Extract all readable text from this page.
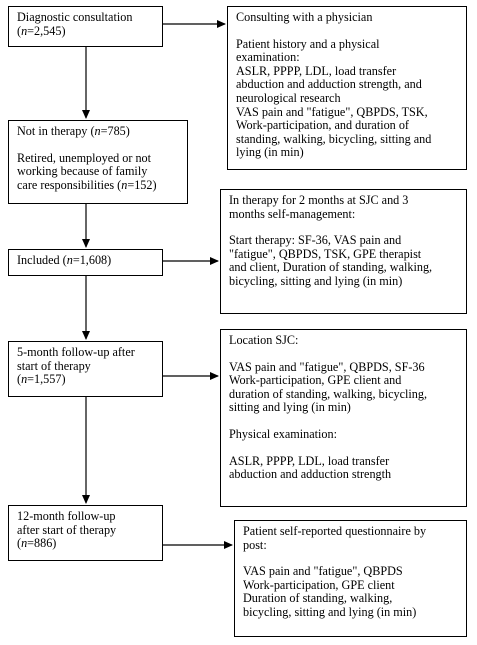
Diagnostic consultation

(n=2,545)

Not in therapy (n=785)

Retired, unemployed or not

working because of family

care responsibilities (n=152)

Included (n=1,608)

5-month follow-up after

start of therapy

(n=1,557)

12-month follow-up

after start of therapy

(n=886)

Consulting with a physician

Patient history and a physical

examination:

ASLR, PPPP, LDL, load transfer

abduction and adduction strength, and

neurological research

VAS pain and "fatigue", QBPDS, TSK,

Work-participation, and duration of

standing, walking, bicycling, sitting and

lying (in min)

In therapy for 2 months at SJC and 3

months self-management:

Start therapy: SF-36, VAS pain and

"fatigue", QBPDS, TSK, GPE therapist

and client, Duration of standing, walking,

bicycling, sitting and lying (in min)

Location SJC:

VAS pain and "fatigue", QBPDS, SF-36

Work-participation, GPE client and

duration of standing, walking, bicycling,

sitting and lying (in min)

Physical examination:

ASLR, PPPP, LDL, load transfer

abduction and adduction strength

Patient self-reported questionnaire by

post:

VAS pain and "fatigue", QBPDS

Work-participation, GPE client

Duration of standing, walking,

bicycling, sitting and lying (in min)
